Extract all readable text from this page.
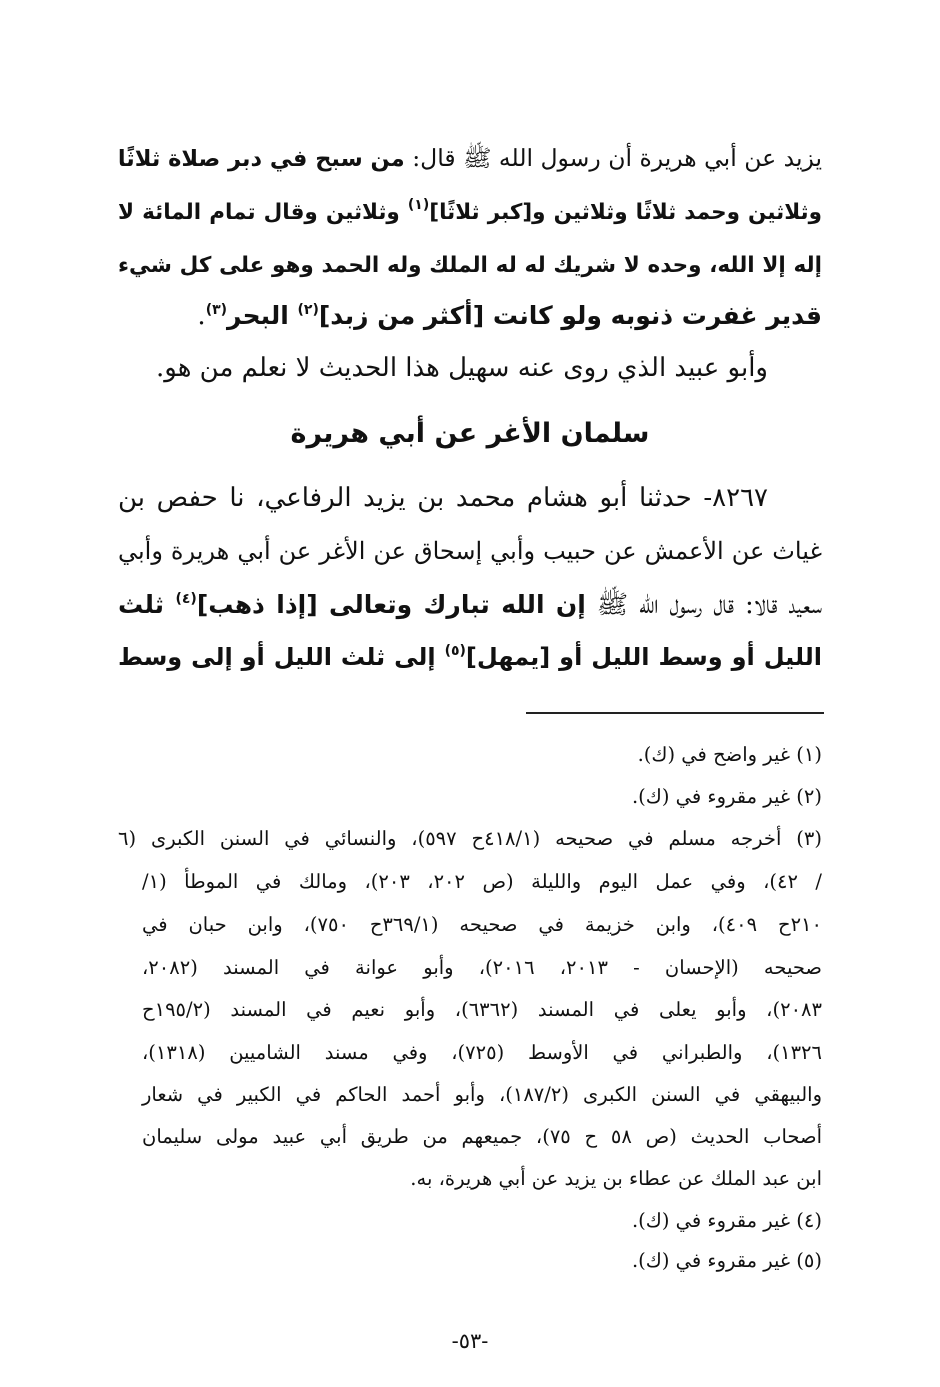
يزيد عن أبي هريرة أن رسول الله ﷺ قال: من سبح في دبر صلاة ثلاثًا
وثلاثين وحمد ثلاثًا وثلاثين و[كبر ثلاثًا]$^{(١)}$ وثلاثين وقال تمام المائة لا
إله إلا الله، وحده لا شريك له له الملك وله الحمد وهو على كل شيء
قدير غفرت ذنوبه ولو كانت [أكثر من زبد]$^{(٢)}$ البحر$^{(٣)}$.
وأبو عبيد الذي روى عنه سهيل هذا الحديث لا نعلم من هو.
سلمان الأغر عن أبي هريرة
٨٢٦٧- حدثنا أبو هشام محمد بن يزيد الرفاعي، نا حفص بن
غياث عن الأعمش عن حبيب وأبي إسحاق عن الأغر عن أبي هريرة وأبي
سعيد قالا: قال رسول الله ﷺ إن الله تبارك وتعالى [إذا ذهب]$^{(٤)}$ ثلث
الليل أو وسط الليل أو [يمهل]$^{(٥)}$ إلى ثلث الليل أو إلى وسط
(١) غير واضح في (ك).
(٢) غير مقروء في (ك).
(٣) أخرجه مسلم في صحيحه (٤١٨/١ح ٥٩٧)، والنسائي في السنن الكبرى (٦
/ ٤٢)، وفي عمل اليوم والليلة (ص ٢٠٢، ٢٠٣)، ومالك في الموطأ (١/
٢١٠ح ٤٠٩)، وابن خزيمة في صحيحه (٣٦٩/١ح ٧٥٠)، وابن حبان في
صحيحه (الإحسان - ٢٠١٣، ٢٠١٦)، وأبو عوانة في المسند (٢٠٨٢،
٢٠٨٣)، وأبو يعلى في المسند (٦٣٦٢)، وأبو نعيم في المسند (١٩٥/٢ح
١٣٢٦)، والطبراني في الأوسط (٧٢٥)، وفي مسند الشاميين (١٣١٨)،
والبيهقي في السنن الكبرى (١٨٧/٢)، وأبو أحمد الحاكم في الكبير في شعار
أصحاب الحديث (ص ٥٨ ح ٧٥)، جميعهم من طريق أبي عبيد مولى سليمان
ابن عبد الملك عن عطاء بن يزيد عن أبي هريرة، به.
(٤) غير مقروء في (ك).
(٥) غير مقروء في (ك).
-٥٣-
